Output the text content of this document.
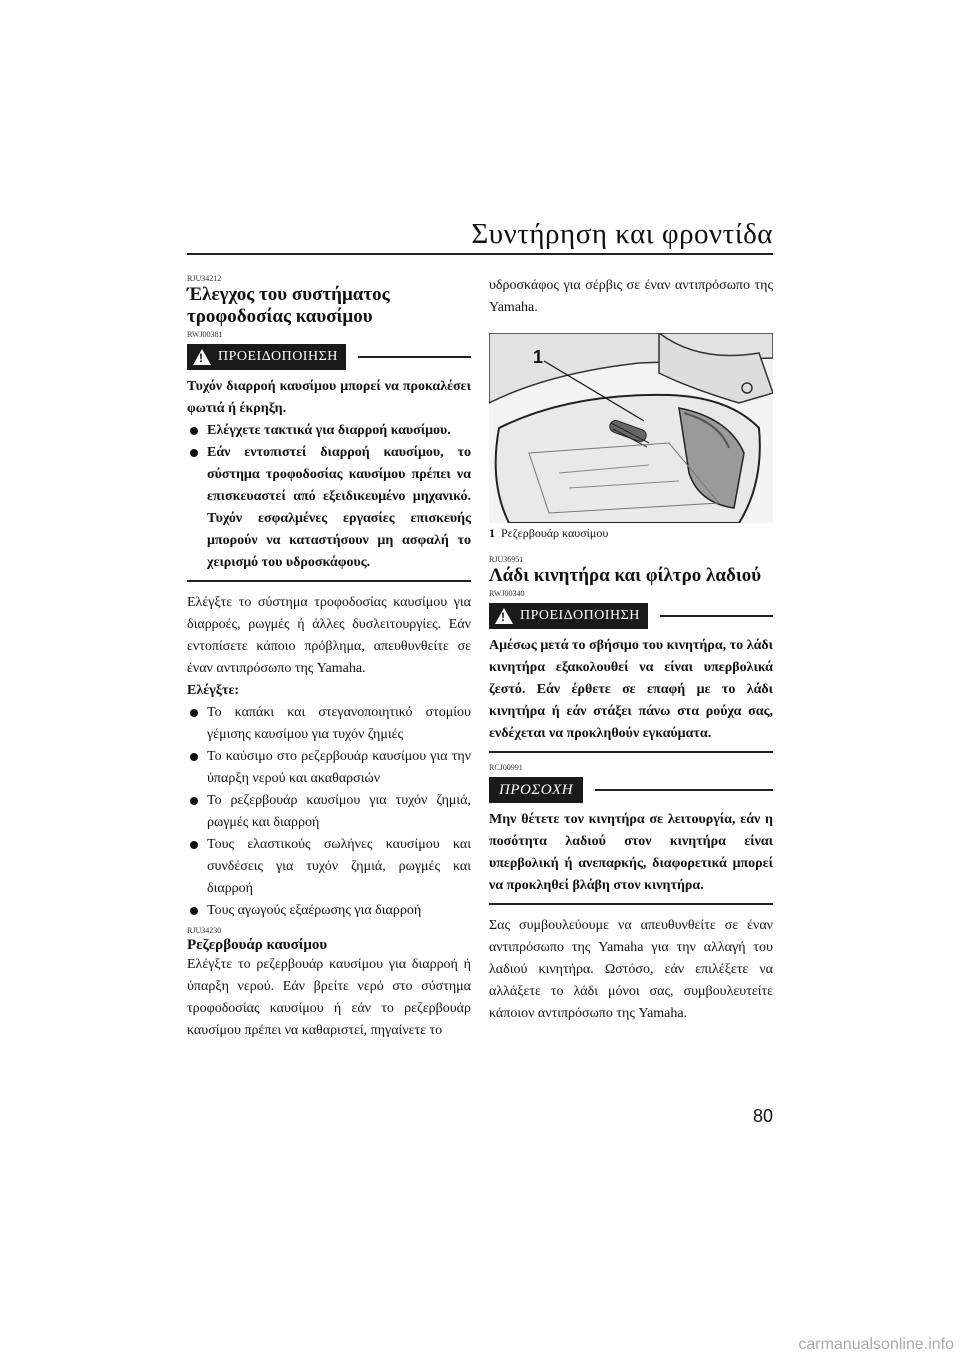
Συντήρηση και φροντίδα
RJU34212
Έλεγχος του συστήματος τροφοδοσίας καυσίμου
RWJ00381
! ΠΡΟΕΙΔΟΠΟΙΗΣΗ

Τυχόν διαρροή καυσίμου μπορεί να προκαλέσει φωτιά ή έκρηξη.

Ελέγχετε τακτικά για διαρροή καυσίμου.
Εάν εντοπιστεί διαρροή καυσίμου, το σύστημα τροφοδοσίας καυσίμου πρέπει να επισκευαστεί από εξειδικευμένο μηχανικό. Τυχόν εσφαλμένες εργασίες επισκευής μπορούν να καταστήσουν μη ασφαλή το χειρισμό του υδροσκάφους.

Ελέγξτε το σύστημα τροφοδοσίας καυσίμου για διαρροές, ρωγμές ή άλλες δυσλειτουργίες. Εάν εντοπίσετε κάποιο πρόβλημα, απευθυνθείτε σε έναν αντιπρόσωπο της Yamaha.

Ελέγξτε:

Το καπάκι και στεγανοποιητικό στομίου γέμισης καυσίμου για τυχόν ζημιές
Το καύσιμο στο ρεζερβουάρ καυσίμου για την ύπαρξη νερού και ακαθαρσιών
Το ρεζερβουάρ καυσίμου για τυχόν ζημιά, ρωγμές και διαρροή
Τους ελαστικούς σωλήνες καυσίμου και συνδέσεις για τυχόν ζημιά, ρωγμές και διαρροή
Τους αγωγούς εξαέρωσης για διαρροή
RJU34230
Ρεζερβουάρ καυσίμου

Ελέγξτε το ρεζερβουάρ καυσίμου για διαρροή ή ύπαρξη νερού. Εάν βρείτε νερό στο σύστημα τροφοδοσίας καυσίμου ή εάν το ρεζερβουάρ καυσίμου πρέπει να καθαριστεί, πηγαίνετε το

υδροσκάφος για σέρβις σε έναν αντιπρόσωπο της Yamaha.

1
1 Ρεζερβουάρ καυσίμου
RJU36951
Λάδι κινητήρα και φίλτρο λαδιού
RWJ00340
! ΠΡΟΕΙΔΟΠΟΙΗΣΗ

Αμέσως μετά το σβήσιμο του κινητήρα, το λάδι κινητήρα εξακολουθεί να είναι υπερβολικά ζεστό. Εάν έρθετε σε επαφή με το λάδι κινητήρα ή εάν στάξει πάνω στα ρούχα σας, ενδέχεται να προκληθούν εγκαύματα.

RCJ00991
ΠΡΟΣΟΧΗ

Μην θέτετε τον κινητήρα σε λειτουργία, εάν η ποσότητα λαδιού στον κινητήρα είναι υπερβολική ή ανεπαρκής, διαφορετικά μπορεί να προκληθεί βλάβη στον κινητήρα.

Σας συμβουλεύουμε να απευθυνθείτε σε έναν αντιπρόσωπο της Yamaha για την αλλαγή του λαδιού κινητήρα. Ωστόσο, εάν επιλέξετε να αλλάξετε το λάδι μόνοι σας, συμβουλευτείτε κάποιον αντιπρόσωπο της Yamaha.

80
carmanualsonline.info
